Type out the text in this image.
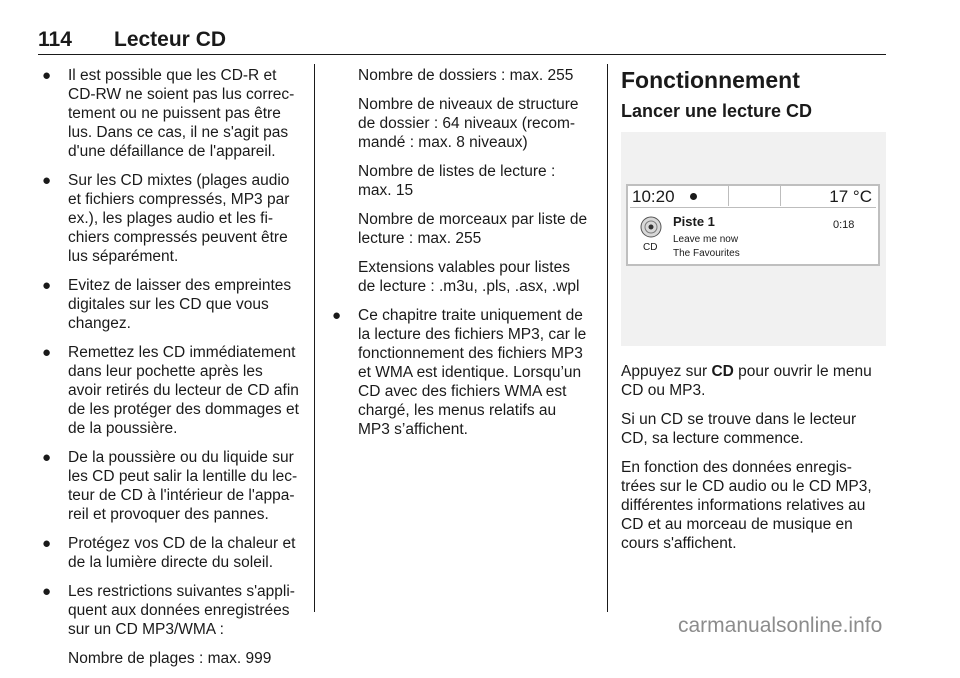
114 Lecteur CD
● Il est possible que les CD-R et
CD-RW ne soient pas lus correc-
tement ou ne puissent pas être
lus. Dans ce cas, il ne s'agit pas
d'une défaillance de l'appareil.
● Sur les CD mixtes (plages audio
et fichiers compressés, MP3 par
ex.), les plages audio et les fi-
chiers compressés peuvent être
lus séparément.
● Evitez de laisser des empreintes
digitales sur les CD que vous
changez.
● Remettez les CD immédiatement
dans leur pochette après les
avoir retirés du lecteur de CD afin
de les protéger des dommages et
de la poussière.
● De la poussière ou du liquide sur
les CD peut salir la lentille du lec-
teur de CD à l'intérieur de l'appa-
reil et provoquer des pannes.
● Protégez vos CD de la chaleur et
de la lumière directe du soleil.
● Les restrictions suivantes s'appli-
quent aux données enregistrées
sur un CD MP3/WMA :
Nombre de plages : max. 999
Nombre de dossiers : max. 255
Nombre de niveaux de structure
de dossier : 64 niveaux (recom-
mandé : max. 8 niveaux)
Nombre de listes de lecture :
max. 15
Nombre de morceaux par liste de
lecture : max. 255
Extensions valables pour listes
de lecture : .m3u, .pls, .asx, .wpl
● Ce chapitre traite uniquement de
la lecture des fichiers MP3, car le
fonctionnement des fichiers MP3
et WMA est identique. Lorsqu’un
CD avec des fichiers WMA est
chargé, les menus relatifs au
MP3 s’affichent.
Fonctionnement
Lancer une lecture CD
10:20	17 °C
CD
Piste 1
Leave me now
The Favourites
0:18
Appuyez sur CD pour ouvrir le menu
CD ou MP3.
Si un CD se trouve dans le lecteur
CD, sa lecture commence.
En fonction des données enregis-
trées sur le CD audio ou le CD MP3,
différentes informations relatives au
CD et au morceau de musique en
cours s'affichent.
carmanualsonline.info
